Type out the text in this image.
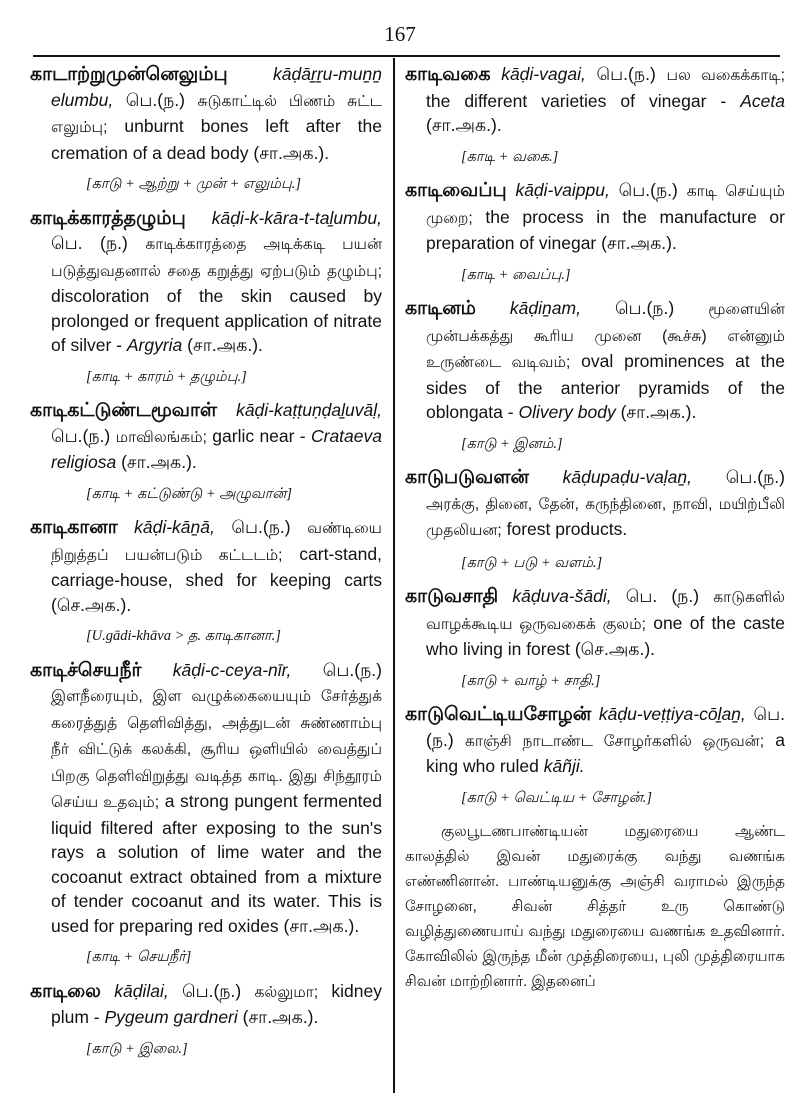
167

காடாற்றுமுன்னெலும்பு	kāḍāṟṟu-muṉṉ elumbu, பெ.(ந.) சுடுகாட்டில் பிணம் சுட்ட எலும்பு; unburnt bones left after the cremation of a dead body (சா.அக.).

[காடு + ஆற்று + முன் + எலும்பு.]

காடிக்காரத்தழும்பு kāḍi-k-kāra-t-taḻumbu, பெ. (ந.) காடிக்காரத்தை அடிக்கடி பயன் படுத்துவதனால் சதை கறுத்து ஏற்படும் தழும்பு; discoloration of the skin caused by prolonged or frequent application of nitrate of silver - Argyria (சா.அக.).

[காடி + காரம் + தழும்பு.]

காடிகட்டுண்டமூவாள் kāḍi-kaṭṭuṇḍaḻuvāḷ, பெ.(ந.) மாவிலங்கம்; garlic near - Crataeva religiosa (சா.அக.).

[காடி + கட்டுண்டு + அழுவான்]

காடிகானா kāḍi-kāṉā, பெ.(ந.) வண்டியை நிறுத்தப் பயன்படும் கட்டடம்; cart-stand, carriage-house, shed for keeping carts (செ.அக.).

[U.gādi-khāva > த. காடிகானா.]

காடிச்செயநீர் kāḍi-c-ceya-nīr, பெ.(ந.) இளநீரையும், இள வழுக்கையையும் சேர்த்துக் கரைத்துத் தெளிவித்து, அத்துடன் சுண்ணாம்பு நீர் விட்டுக் கலக்கி, சூரிய ஒளியில் வைத்துப் பிறகு தெளிவிறுத்து வடித்த காடி. இது சிந்தூரம் செய்ய உதவும்; a strong pungent fermented liquid filtered after exposing to the sun's rays a solution of lime water and the cocoanut extract obtained from a mixture of tender cocoanut and its water. This is used for preparing red oxides (சா.அக.).

[காடி + செயநீர்]

காடிலை kāḍilai, பெ.(ந.) கல்லுமா; kidney plum - Pygeum gardneri (சா.அக.).

[காடு + இலை.]

காடிவகை kāḍi-vagai, பெ.(ந.) பல வகைக்காடி; the different varieties of vinegar - Aceta (சா.அக.).

[காடி + வகை.]

காடிவைப்பு kāḍi-vaippu, பெ.(ந.) காடி செய்யும் முறை; the process in the manufacture or preparation of vinegar (சா.அக.).

[காடி + வைப்பு.]

காடினம் kāḍiṉam, பெ.(ந.) மூளையின் முன்பக்கத்து கூரிய முனை (கூச்சு) என்னும் உருண்டை வடிவம்; oval prominences at the sides of the anterior pyramids of the oblongata - Olivery body (சா.அக.).

[காடு + இனம்.]

காடுபடுவளன் kāḍupaḍu-vaḷaṉ, பெ.(ந.) அரக்கு, தினை, தேன், கருந்தினை, நாவி, மயிற்பீலி முதலியன; forest products.

[காடு + படு + வளம்.]

காடுவசாதி kāḍuva-šādi, பெ. (ந.) காடுகளில் வாழக்கூடிய ஒருவகைக் குலம்; one of the caste who living in forest (செ.அக.).

[காடு + வாழ் + சாதி.]

காடுவெட்டியசோழன் kāḍu-veṭṭiya-cōḻaṉ, பெ.(ந.) காஞ்சி நாடாண்ட சோழர்களில் ஒருவன்; a king who ruled kāñji.

[காடு + வெட்டிய + சோழன்.]

குலபூடணபாண்டியன் மதுரையை ஆண்ட காலத்தில் இவன் மதுரைக்கு வந்து வணங்க எண்ணினான். பாண்டியனுக்கு அஞ்சி வராமல் இருந்த சோழனை, சிவன் சித்தர் உரு கொண்டு வழித்துணையாய் வந்து மதுரையை வணங்க உதவினார். கோவிலில் இருந்த மீன் முத்திரையை, புலி முத்திரையாக சிவன் மாற்றினார். இதனைப்
